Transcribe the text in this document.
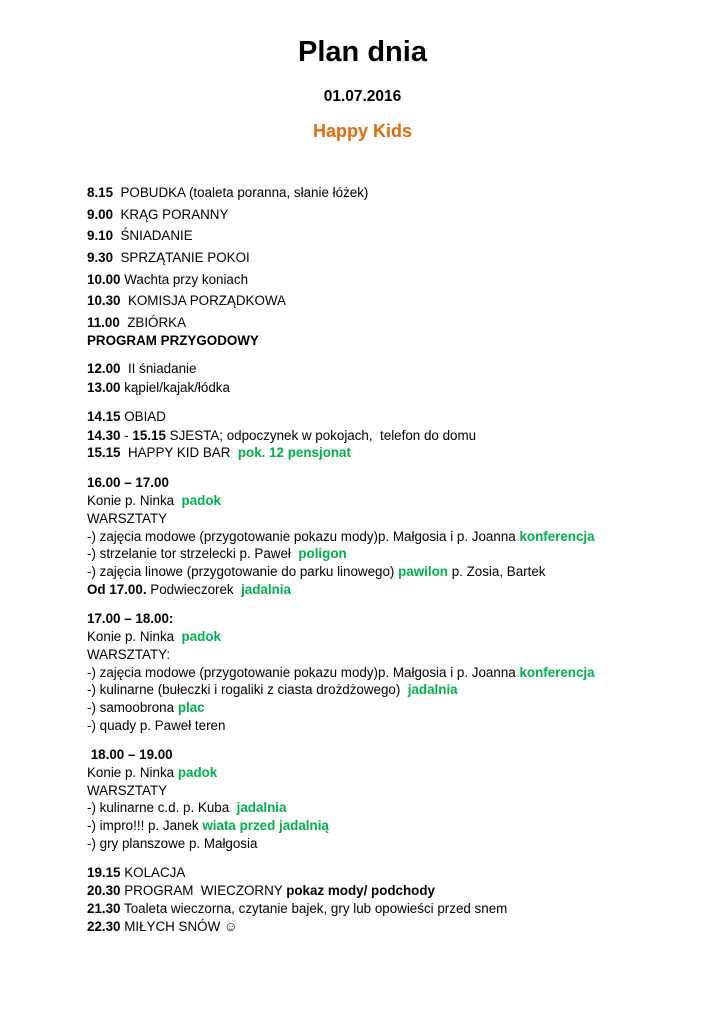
Plan dnia
01.07.2016
Happy Kids
8.15  POBUDKA (toaleta poranna, słanie łóżek)
9.00  KRĄG PORANNY
9.10  ŚNIADANIE
9.30  SPRZĄTANIE POKOI
10.00 Wachta przy koniach
10.30  KOMISJA PORZĄDKOWA
11.00  ZBIÓRKA
PROGRAM PRZYGODOWY
12.00  II śniadanie
13.00 kąpiel/kajak/łódka
14.15 OBIAD
14.30 - 15.15 SJESTA; odpoczynek w pokojach,  telefon do domu
15.15  HAPPY KID BAR  pok. 12 pensjonat
16.00 – 17.00
Konie p. Ninka  padok
WARSZTATY
-) zajęcia modowe (przygotowanie pokazu mody)p. Małgosia i p. Joanna konferencja
-) strzelanie tor strzelecki p. Paweł  poligon
-) zajęcia linowe (przygotowanie do parku linowego) pawilon p. Zosia, Bartek
Od 17.00. Podwieczorek  jadalnia
17.00 – 18.00:
Konie p. Ninka  padok
WARSZTATY:
-) zajęcia modowe (przygotowanie pokazu mody)p. Małgosia i p. Joanna konferencja
-) kulinarne (bułeczki i rogaliki z ciasta drożdżowego)  jadalnia
-) samoobrona plac
-) quady p. Paweł teren
18.00 – 19.00
Konie p. Ninka padok
WARSZTATY
-) kulinarne c.d. p. Kuba  jadalnia
-) impro!!! p. Janek wiata przed jadalnią
-) gry planszowe p. Małgosia
19.15 KOLACJA
20.30 PROGRAM  WIECZORNY pokaz mody/ podchody
21.30 Toaleta wieczorna, czytanie bajek, gry lub opowieści przed snem
22.30 MIŁYCH SNÓW ☺
